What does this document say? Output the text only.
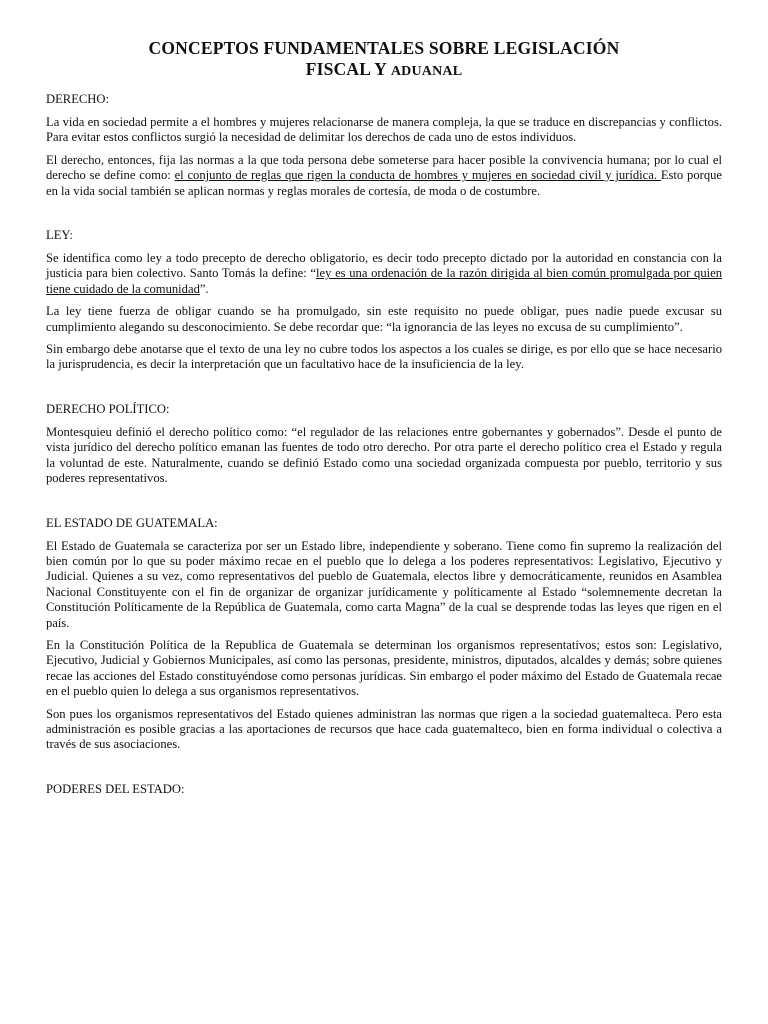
CONCEPTOS FUNDAMENTALES SOBRE LEGISLACIÓN
FISCAL Y ADUANAL
DERECHO:

La vida en sociedad permite a el hombres y mujeres relacionarse de manera compleja, la que se traduce en discrepancias y conflictos. Para evitar estos conflictos surgió la necesidad de delimitar los derechos de cada uno de estos individuos.

El derecho, entonces, fija las normas a la que toda persona debe someterse para hacer posible la convivencia humana; por lo cual el derecho se define como: el conjunto de reglas que rigen la conducta de hombres y mujeres en sociedad civil y jurídica. Esto porque en la vida social también se aplican normas y reglas morales de cortesía, de moda o de costumbre.

LEY:

Se identifica como ley a todo precepto de derecho obligatorio, es decir todo precepto dictado por la autoridad en constancia con la justicia para bien colectivo. Santo Tomás la define: “ley es una ordenación de la razón dirigida al bien común promulgada por quien tiene cuidado de la comunidad”.

La ley tiene fuerza de obligar cuando se ha promulgado, sin este requisito no puede obligar, pues nadie puede excusar su cumplimiento alegando su desconocimiento. Se debe recordar que: “la ignorancia de las leyes no excusa de su cumplimiento”.

Sin embargo debe anotarse que el texto de una ley no cubre todos los aspectos a los cuales se dirige, es por ello que se hace necesario la jurisprudencia, es decir la interpretación que un facultativo hace de la insuficiencia de la ley.

DERECHO POLÍTICO:

Montesquieu definió el derecho político como: “el regulador de las relaciones entre gobernantes y gobernados”. Desde el punto de vista jurídico del derecho político emanan las fuentes de todo otro derecho. Por otra parte el derecho político crea el Estado y regula la voluntad de este. Naturalmente, cuando se definió Estado como una sociedad organizada compuesta por pueblo, territorio y sus poderes representativos.

EL ESTADO DE GUATEMALA:

El Estado de Guatemala se caracteriza por ser un Estado libre, independiente y soberano. Tiene como fin supremo la realización del bien común por lo que su poder máximo recae en el pueblo que lo delega a los poderes representativos: Legislativo, Ejecutivo y Judicial. Quienes a su vez, como representativos del pueblo de Guatemala, electos libre y democráticamente, reunidos en Asamblea Nacional Constituyente con el fin de organizar de organizar jurídicamente y políticamente al Estado “solemnemente decretan la Constitución Políticamente de la República de Guatemala, como carta Magna” de la cual se desprende todas las leyes que rigen en el país.

En la Constitución Política de la Republica de Guatemala se determinan los organismos representativos; estos son: Legislativo, Ejecutivo, Judicial y Gobiernos Municipales, así como las personas, presidente, ministros, diputados, alcaldes y demás; sobre quienes recae las acciones del Estado constituyéndose como personas jurídicas. Sin embargo el poder máximo del Estado de Guatemala recae en el pueblo quien lo delega a sus organismos representativos.

Son pues los organismos representativos del Estado quienes administran las normas que rigen a la sociedad guatemalteca. Pero esta administración es posible gracias a las aportaciones de recursos que hace cada guatemalteco, bien en forma individual o colectiva a través de sus asociaciones.

PODERES DEL ESTADO:
